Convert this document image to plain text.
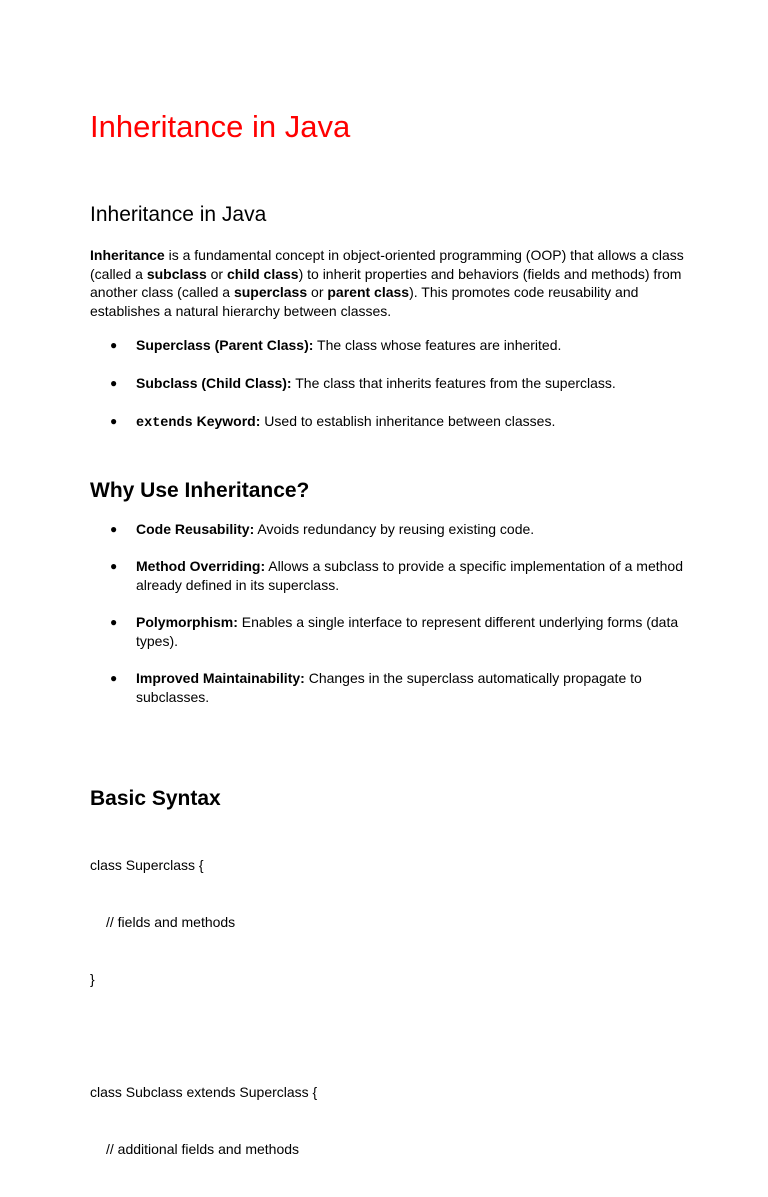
Inheritance in Java
Inheritance in Java

Inheritance is a fundamental concept in object-oriented programming (OOP) that allows a class (called a subclass or child class) to inherit properties and behaviors (fields and methods) from another class (called a superclass or parent class). This promotes code reusability and establishes a natural hierarchy between classes.

● Superclass (Parent Class): The class whose features are inherited.
● Subclass (Child Class): The class that inherits features from the superclass.
● extends Keyword: Used to establish inheritance between classes.
Why Use Inheritance?
● Code Reusability: Avoids redundancy by reusing existing code.
● Method Overriding: Allows a subclass to provide a specific implementation of a method already defined in its superclass.
● Polymorphism: Enables a single interface to represent different underlying forms (data types).
● Improved Maintainability: Changes in the superclass automatically propagate to subclasses.
Basic Syntax

class Superclass {

// fields and methods

}

class Subclass extends Superclass {

// additional fields and methods
